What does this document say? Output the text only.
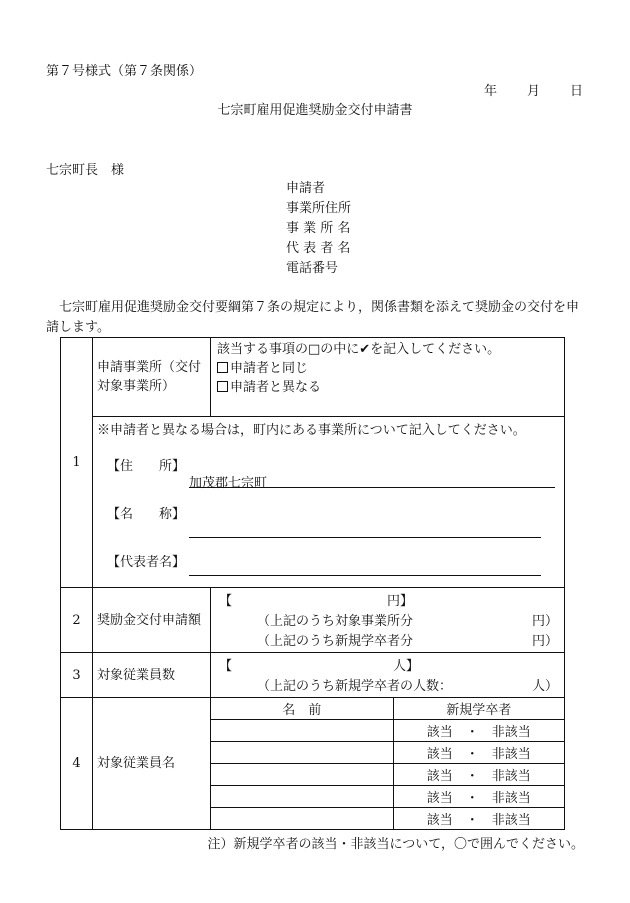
第７号様式（第７条関係）
年 月 日
七宗町雇用促進奨励金交付申請書
七宗町長　様
申請者
事業所住所
事 業 所 名
代 表 者 名
電話番号
七宗町雇用促進奨励金交付要綱第７条の規定により，関係書類を添えて奨励金の交付を申請します。
1	申請事業所（交付対象事業所）	
該当する事項の□の中に✔を記入してください。
申請者と同じ
申請者と異なる

※申請者と異なる場合は，町内にある事業所について記入してください。
【住　　所】
加茂郡七宗町
【名　　称】
【代表者名】

2	奨励金交付申請額	
【	円】
（上記のうち対象事業所分	円）
（上記のうち新規学卒者分	円）

3	対象従業員数	
【	人】
（上記のうち新規学卒者の人数：	人）

4	対象従業員名	
名　前	新規学卒者
	該当　・　非該当
	該当　・　非該当
	該当　・　非該当
	該当　・　非該当
	該当　・　非該当
注）新規学卒者の該当・非該当について，〇で囲んでください。
